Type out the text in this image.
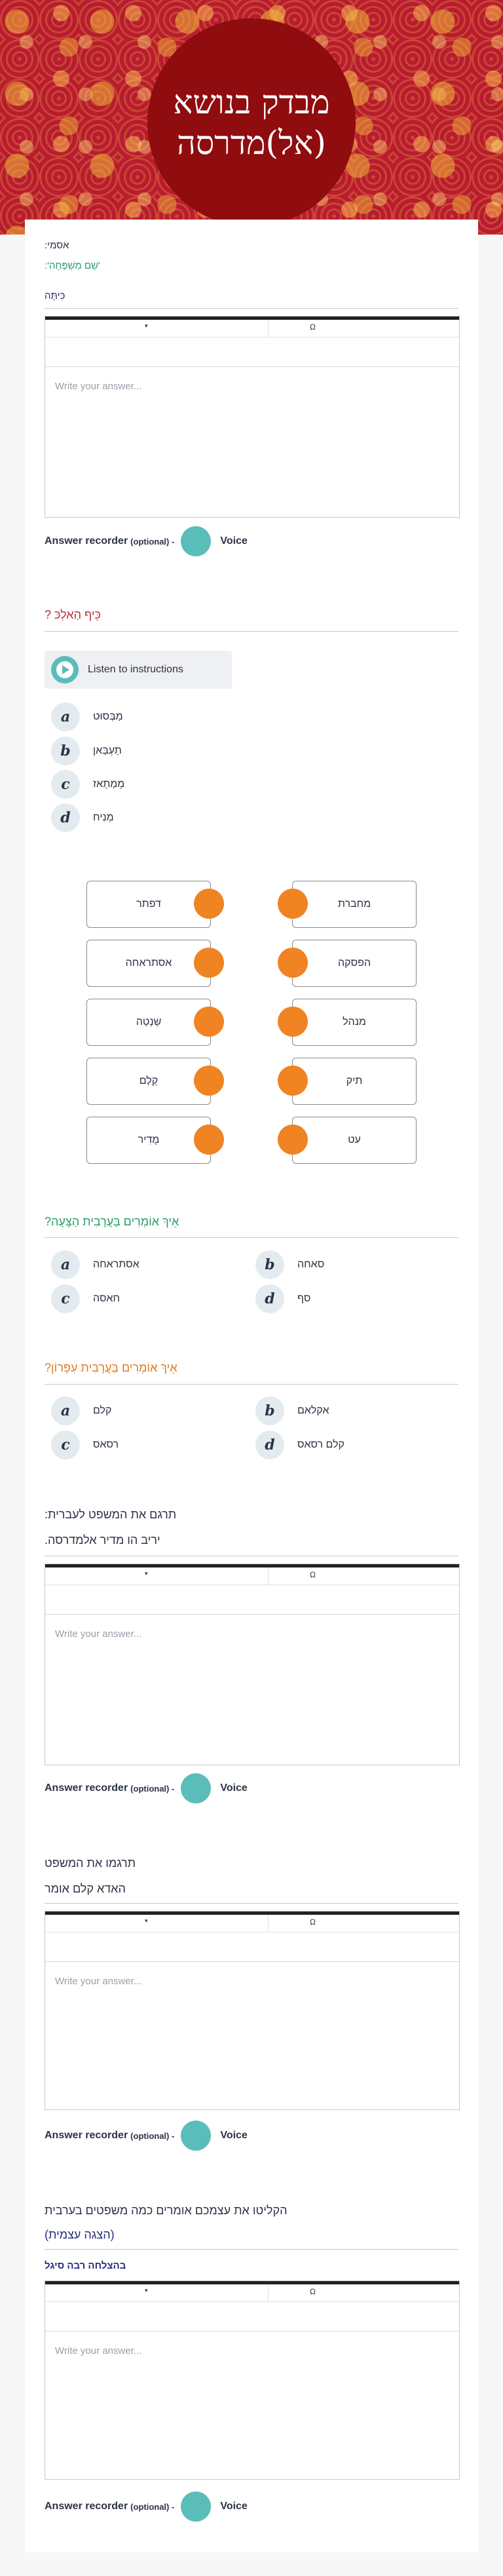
מבדק בנושא (אל)מדרסה
אסמי:
'שֵׁם מִשְׁפָּחָה':
כִּיתָּה
▾	Ω
Write your answer...
Answer recorder (optional) -	Voice
כֵּיף הַאלְכּ ?
Listen to instructions
a	מַבְּסוּט
b	תַעְבַּאן
c	מְמְתַאז
d	מְנִיח
דפתר
אסתראחה
שַנְטַה
קַלַם
מֻדִיר
מחברת
הפסקה
מנהל
תיק
עט
אֵיךְ אוֹמְרִים בַּעֲרָבִית הַצָּעָה?
a	אסתראחה	b	סאחה
c	חאסה	d	סף
אֵיךְ אוֹמְרִים בַּעֲרָבִית עִפָּרוֹן?
a	קלם	b	אקלאם
c	רסאס	d	קלם רסאס
תרגם את המשפט לעברית:
יריב הו מדיר אלמדרסה.
▾	Ω
Write your answer...
Answer recorder (optional) -	Voice
תרגמו את המשפט
האדא קלם אומר
▾	Ω
Write your answer...
Answer recorder (optional) -	Voice
הקליטו את עצמכם אומרים כמה משפטים בערבית
(הצגה עצמית)
בהצלחה רבה סיגל
▾	Ω
Write your answer...
Answer recorder (optional) -	Voice
